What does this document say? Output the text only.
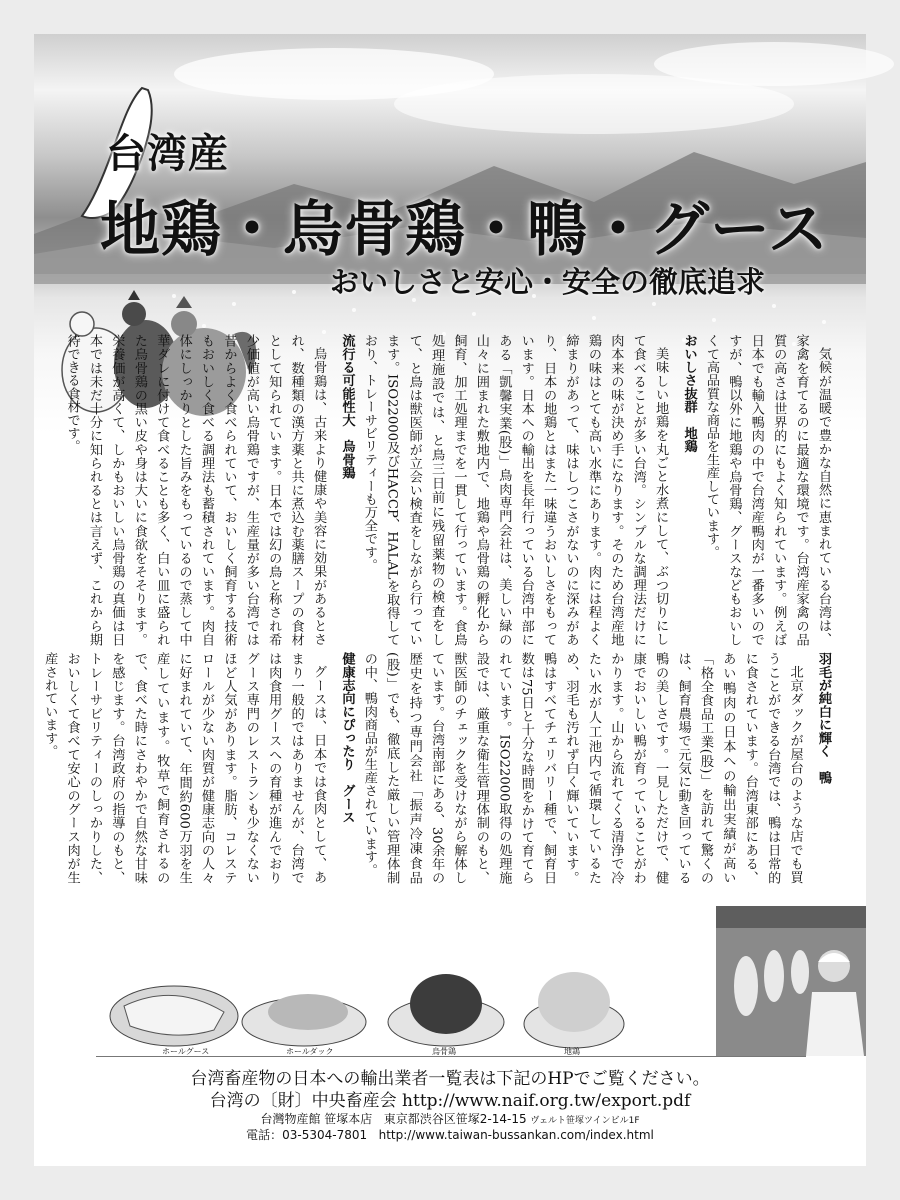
台湾産
地鶏・烏骨鶏・鴨・グース
おいしさと安心・安全の徹底追求
気候が温暖で豊かな自然に恵まれている台湾は、家禽を育てるのに最適な環境です。台湾産家禽の品質の高さは世界的にもよく知られています。例えば日本でも輸入鴨肉の中で台湾産鴨肉が一番多いのですが、鴨以外に地鶏や烏骨鶏、グースなどもおいしくて高品質な商品を生産しています。
おいしさ抜群　地鶏
美味しい地鶏を丸ごと水煮にして、ぶつ切りにして食べることが多い台湾。シンプルな調理法だけに肉本来の味が決め手になります。そのため台湾産地鶏の味はとても高い水準にあります。肉には程よく締まりがあって、味はしつこさがないのに深みがあり、日本の地鶏とはまた一味違うおいしさをもっています。日本への輸出を長年行っている台湾中部にある「凱馨実業(股)」鳥肉専門会社は、美しい緑の山々に囲まれた敷地内で、地鶏や烏骨鶏の孵化から飼育、加工処理までを一貫して行っています。食鳥処理施設では、と鳥三日前に残留薬物の検査をして、と鳥は獣医師が立会い検査をしながら行っています。ISO22000及びHACCP、HALALを取得しており、トレーサビリティーも万全です。
流行る可能性大　烏骨鶏
烏骨鶏は、古来より健康や美容に効果があるとされ、数種類の漢方薬と共に煮込む薬膳スープの食材として知られています。日本では幻の鳥と称され希少価値が高い烏骨鶏ですが、生産量が多い台湾では昔からよく食べられていて、おいしく飼育する技術もおいしく食べる調理法も蓄積されています。肉自体にしっかりとした旨みをもっているので蒸して中華ダレに付けて食べることも多く、白い皿に盛られた烏骨鶏の黒い皮や身は大いに食欲をそそります。栄養価が高くて、しかもおいしい烏骨鶏の真価は日本では未だ十分に知られるとは言えず、これから期待できる食材です。
羽毛が純白に輝く　鴨
北京ダックが屋台のような店でも買うことができる台湾では、鴨は日常的に食されています。台湾東部にある、あい鴨肉の日本への輸出実績が高い「格全食品工業(股)」を訪れて驚くのは、飼育農場で元気に動き回っている鴨の美しさです。一見しただけで、健康でおいしい鴨が育っていることがわかります。山から流れてくる清浄で冷たい水が人工池内で循環しているため、羽毛も汚れず白く輝いています。鴨はすべてチェリバリー種で、飼育日数は75日と十分な時間をかけて育てられています。ISO22000取得の処理施設では、厳重な衛生管理体制のもと、獣医師のチェックを受けながら解体しています。台湾南部にある、30余年の歴史を持つ専門会社「振声冷凍食品(股)」でも、徹底した厳しい管理体制の中、鴨肉商品が生産されています。
健康志向にぴったり　グース
グースは、日本では食肉として、あまり一般的ではありませんが、台湾では肉食用グースへの育種が進んでおりグース専門のレストランも少なくないほど人気があります。脂肪、コレステロールが少ない肉質が健康志向の人々に好まれていて、年間約600万羽を生産しています。牧草で飼育されるので、食べた時にさわやかで自然な甘味を感じます。台湾政府の指導のもと、トレーサビリティーのしっかりした、おいしくて食べて安心のグース肉が生産されています。
ホールグース	ホールダック	烏骨鶏	地鶏
台湾畜産物の日本への輸出業者一覧表は下記のHPでご覧ください。
台湾の〔財〕中央畜産会 http://www.naif.org.tw/export.pdf
台灣物産館 笹塚本店 東京都渋谷区笹塚2-14-15 ヴェルト笹塚ツインビル1F
電話：03-5304-7801 http://www.taiwan-bussankan.com/index.html
